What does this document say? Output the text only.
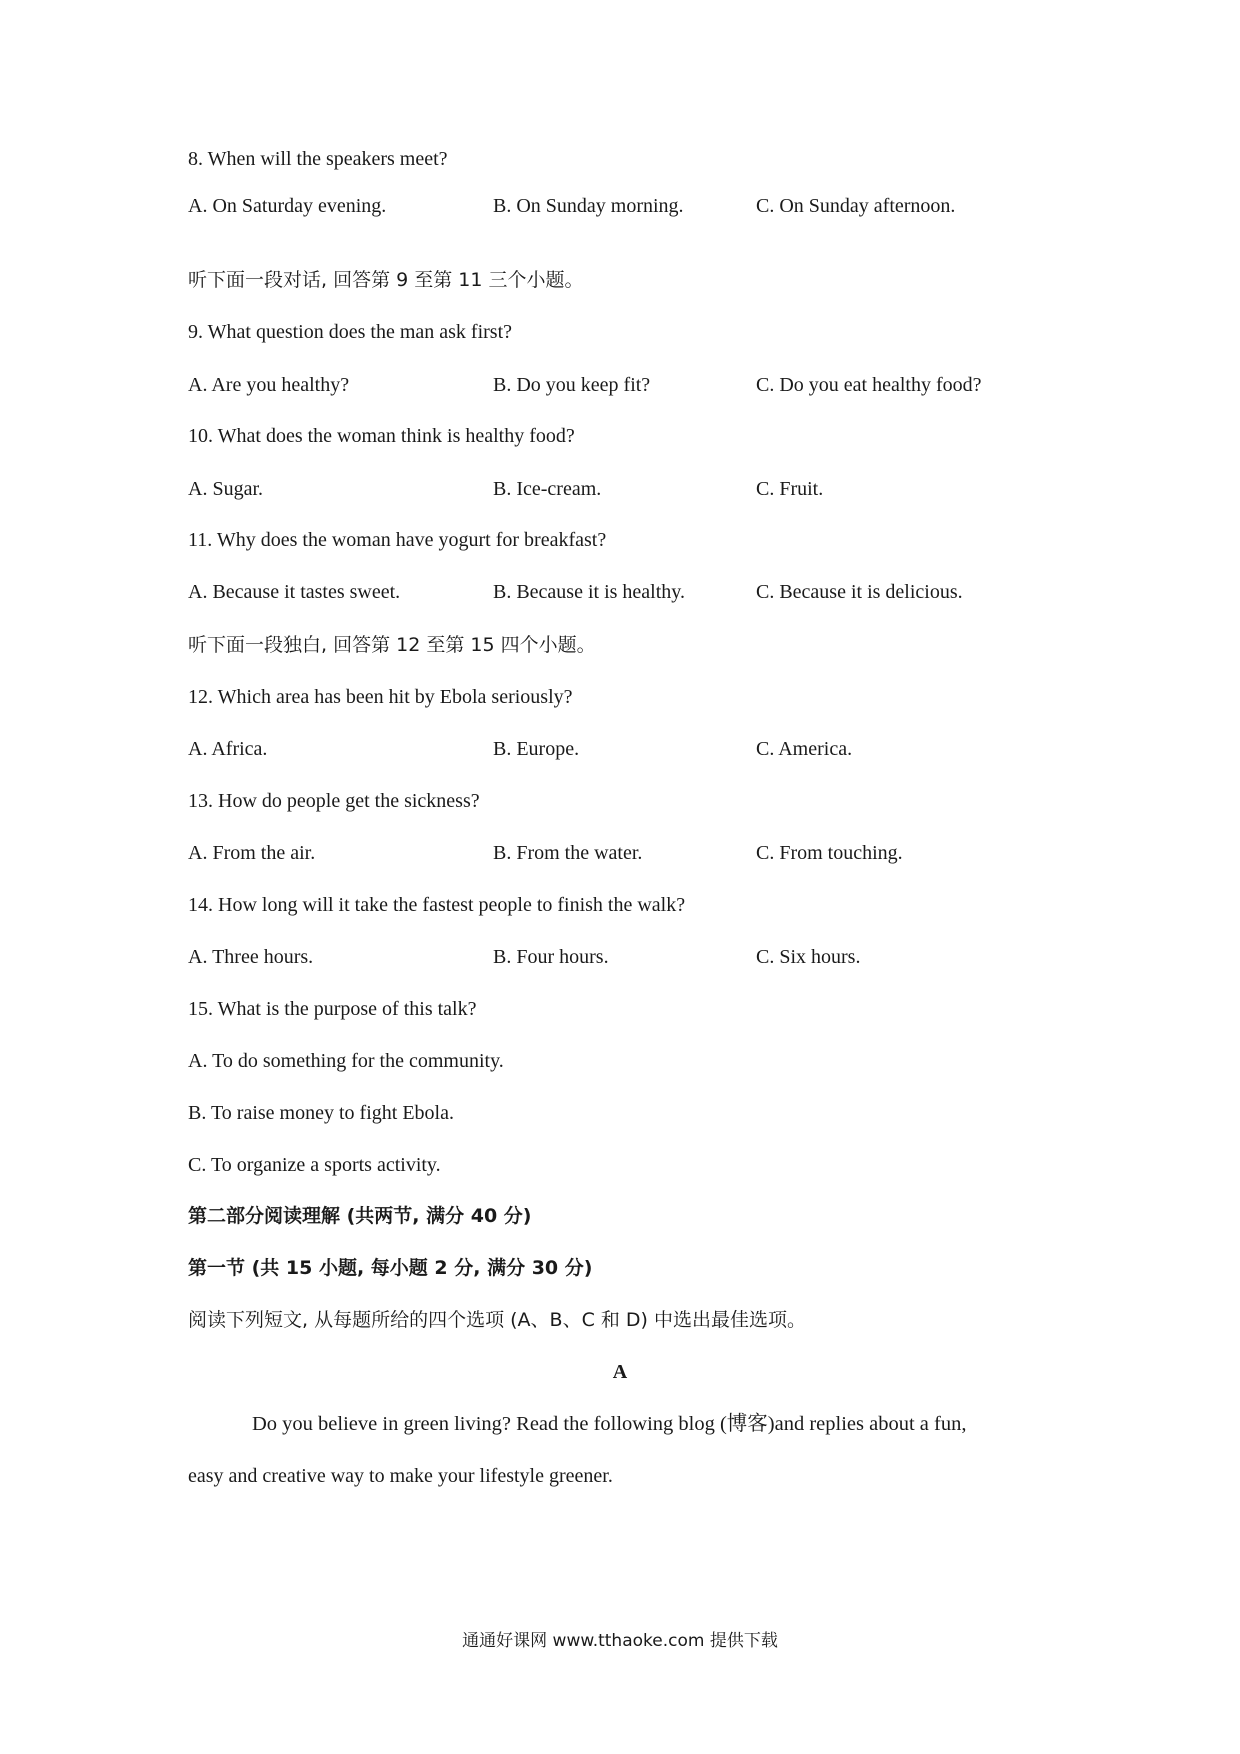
8. When will the speakers meet?
A. On Saturday evening.	B. On Sunday morning.	C. On Sunday afternoon.
听下面一段对话, 回答第 9 至第 11 三个小题。
9. What question does the man ask first?
A. Are you healthy?	B. Do you keep fit?	C. Do you eat healthy food?
10. What does the woman think is healthy food?
A. Sugar.	B. Ice-cream.	C. Fruit.
11. Why does the woman have yogurt for breakfast?
A. Because it tastes sweet.	B. Because it is healthy.	C. Because it is delicious.
听下面一段独白, 回答第 12 至第 15 四个小题。
12. Which area has been hit by Ebola seriously?
A. Africa.	B. Europe.	C. America.
13. How do people get the sickness?
A. From the air.	B. From the water.	C. From touching.
14. How long will it take the fastest people to finish the walk?
A. Three hours.	B. Four hours.	C. Six hours.
15. What is the purpose of this talk?
A. To do something for the community.
B. To raise money to fight Ebola.
C. To organize a sports activity.
第二部分阅读理解 (共两节, 满分 40 分)
第一节 (共 15 小题, 每小题 2 分, 满分 30 分)
阅读下列短文, 从每题所给的四个选项 (A、B、C 和 D) 中选出最佳选项。
A
Do you believe in green living? Read the following blog (博客)and replies about a fun,
easy and creative way to make your lifestyle greener.
通通好课网 www.tthaoke.com 提供下载
